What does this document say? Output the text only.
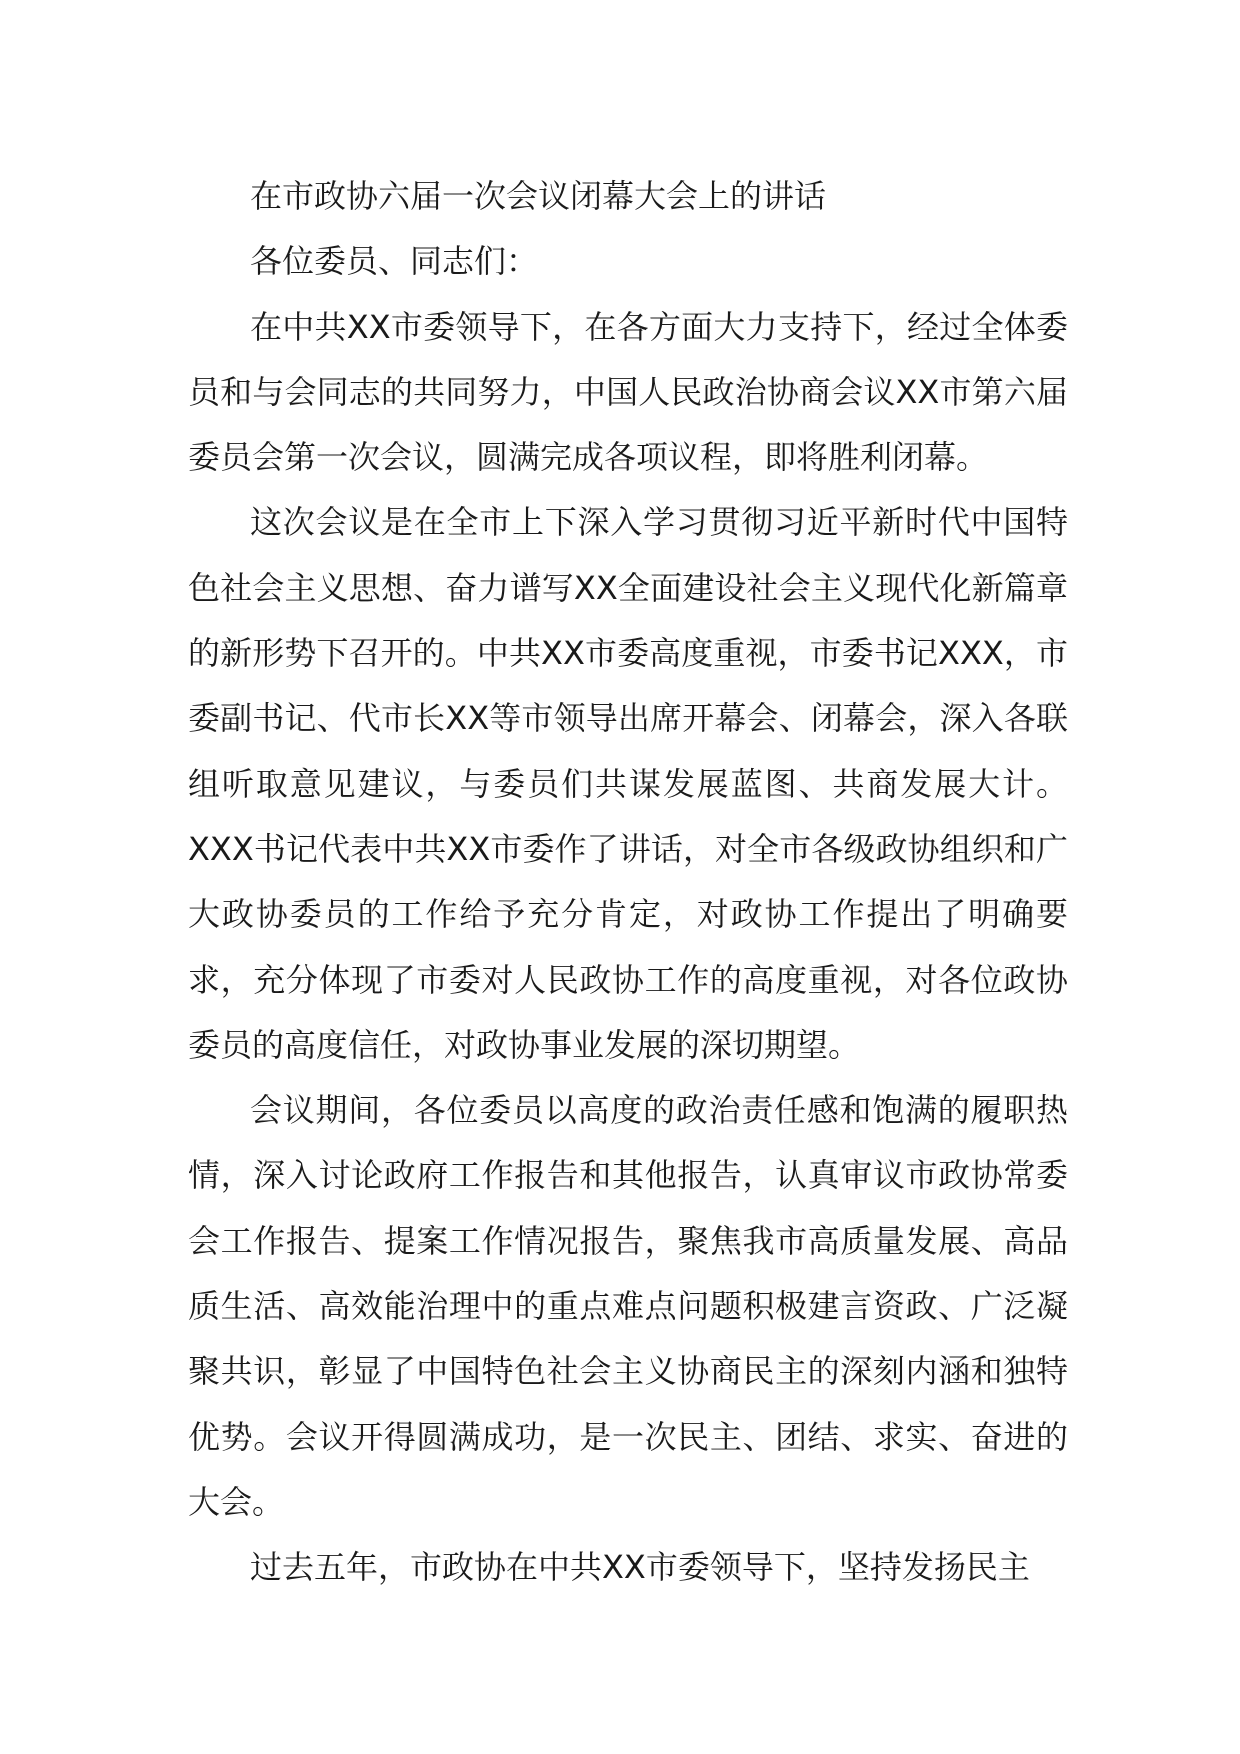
在市政协六届一次会议闭幕大会上的讲话

各位委员、同志们：

在中共XX市委领导下，在各方面大力支持下，经过全体委员和与会同志的共同努力，中国人民政治协商会议XX市第六届委员会第一次会议，圆满完成各项议程，即将胜利闭幕。

这次会议是在全市上下深入学习贯彻习近平新时代中国特色社会主义思想、奋力谱写XX全面建设社会主义现代化新篇章的新形势下召开的。中共XX市委高度重视，市委书记XXX，市委副书记、代市长XX等市领导出席开幕会、闭幕会，深入各联组听取意见建议，与委员们共谋发展蓝图、共商发展大计。XXX书记代表中共XX市委作了讲话，对全市各级政协组织和广大政协委员的工作给予充分肯定，对政协工作提出了明确要求，充分体现了市委对人民政协工作的高度重视，对各位政协委员的高度信任，对政协事业发展的深切期望。

会议期间，各位委员以高度的政治责任感和饱满的履职热情，深入讨论政府工作报告和其他报告，认真审议市政协常委会工作报告、提案工作情况报告，聚焦我市高质量发展、高品质生活、高效能治理中的重点难点问题积极建言资政、广泛凝聚共识，彰显了中国特色社会主义协商民主的深刻内涵和独特优势。会议开得圆满成功，是一次民主、团结、求实、奋进的大会。

过去五年，市政协在中共XX市委领导下，坚持发扬民主
